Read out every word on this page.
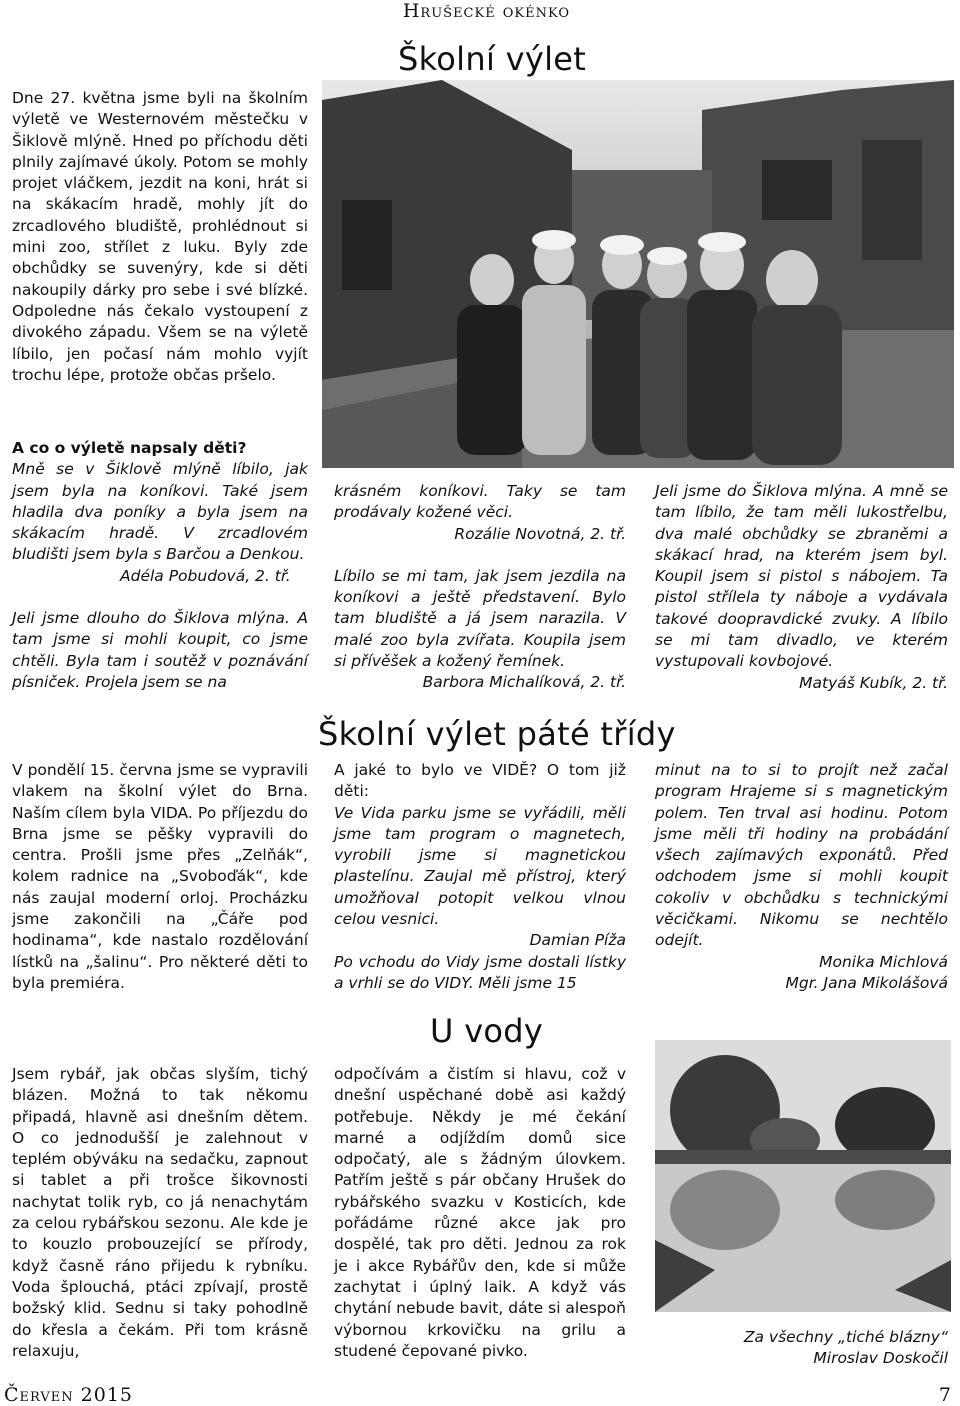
Hrušecké okénko
Školní výlet

Dne 27. května jsme byli na školním výletě ve Westernovém městečku v Šiklově mlýně. Hned po příchodu děti plnily zajímavé úkoly. Potom se mohly projet vláčkem, jezdit na koni, hrát si na skákacím hradě, mohly jít do zrcadlového bludiště, prohlédnout si mini zoo, střílet z luku. Byly zde obchůdky se suvenýry, kde si děti nakoupily dárky pro sebe i své blízké. Odpoledne nás čekalo vystoupení z divokého západu. Všem se na výletě líbilo, jen počasí nám mohlo vyjít trochu lépe, protože občas pršelo.

A co o výletě napsaly děti?

Mně se v Šiklově mlýně líbilo, jak jsem byla na koníkovi. Také jsem hladila dva poníky a byla jsem na skákacím hradě. V zrcadlovém bludišti jsem byla s Barčou a Denkou.

Adéla Pobudová, 2. tř.

Jeli jsme dlouho do Šiklova mlýna. A tam jsme si mohli koupit, co jsme chtěli. Byla tam i soutěž v poznávání písniček. Projela jsem se na

krásném koníkovi. Taky se tam prodávaly kožené věci.

Rozálie Novotná, 2. tř.

Líbilo se mi tam, jak jsem jezdila na koníkovi a ještě představení. Bylo tam bludiště a já jsem narazila. V malé zoo byla zvířata. Koupila jsem si přívěšek a kožený řemínek.

Barbora Michalíková, 2. tř.

Jeli jsme do Šiklova mlýna. A mně se tam líbilo, že tam měli lukostřelbu, dva malé obchůdky se zbraněmi a skákací hrad, na kterém jsem byl. Koupil jsem si pistol s nábojem. Ta pistol střílela ty náboje a vydávala takové doopravdické zvuky. A líbilo se mi tam divadlo, ve kterém vystupovali kovbojové.

Matyáš Kubík, 2. tř.
Školní výlet páté třídy

V pondělí 15. června jsme se vypravili vlakem na školní výlet do Brna. Naším cílem byla VIDA. Po příjezdu do Brna jsme se pěšky vypravili do centra. Prošli jsme přes „Zelňák“, kolem radnice na „Svoboďák“, kde nás zaujal moderní orloj. Procházku jsme zakončili na „Čáře pod hodinama“, kde nastalo rozdělování lístků na „šalinu“. Pro některé děti to byla premiéra.

A jaké to bylo ve VIDĚ? O tom již děti:

Ve Vida parku jsme se vyřádili, měli jsme tam program o magnetech, vyrobili jsme si magnetickou plastelínu. Zaujal mě přístroj, který umožňoval potopit velkou vlnou celou vesnici.

Damian Píža

Po vchodu do Vidy jsme dostali lístky a vrhli se do VIDY. Měli jsme 15

minut na to si to projít než začal program Hrajeme si s magnetickým polem. Ten trval asi hodinu. Potom jsme měli tři hodiny na probádání všech zajímavých exponátů. Před odchodem jsme si mohli koupit cokoliv v obchůdku s technickými věcičkami. Nikomu se nechtělo odejít.

Monika Michlová
Mgr. Jana Mikolášová
U vody

Jsem rybář, jak občas slyším, tichý blázen. Možná to tak někomu připadá, hlavně asi dnešním dětem. O co jednodušší je zalehnout v teplém obýváku na sedačku, zapnout si tablet a při trošce šikovnosti nachytat tolik ryb, co já nenachytám za celou rybářskou sezonu. Ale kde je to kouzlo probouzející se přírody, když časně ráno přijedu k rybníku. Voda šplouchá, ptáci zpívají, prostě božský klid. Sednu si taky pohodlně do křesla a čekám. Při tom krásně relaxuju,

odpočívám a čistím si hlavu, což v dnešní uspěchané době asi každý potřebuje. Někdy je mé čekání marné a odjíždím domů sice odpočatý, ale s žádným úlovkem. Patřím ještě s pár občany Hrušek do rybářského svazku v Kosticích, kde pořádáme různé akce jak pro dospělé, tak pro děti. Jednou za rok je i akce Rybářův den, kde si může zachytat i úplný laik. A když vás chytání nebude bavit, dáte si alespoň výbornou krkovičku na grilu a studené čepované pivko.

Za všechny „tiché blázny“
Miroslav Doskočil
Červen 2015	7
